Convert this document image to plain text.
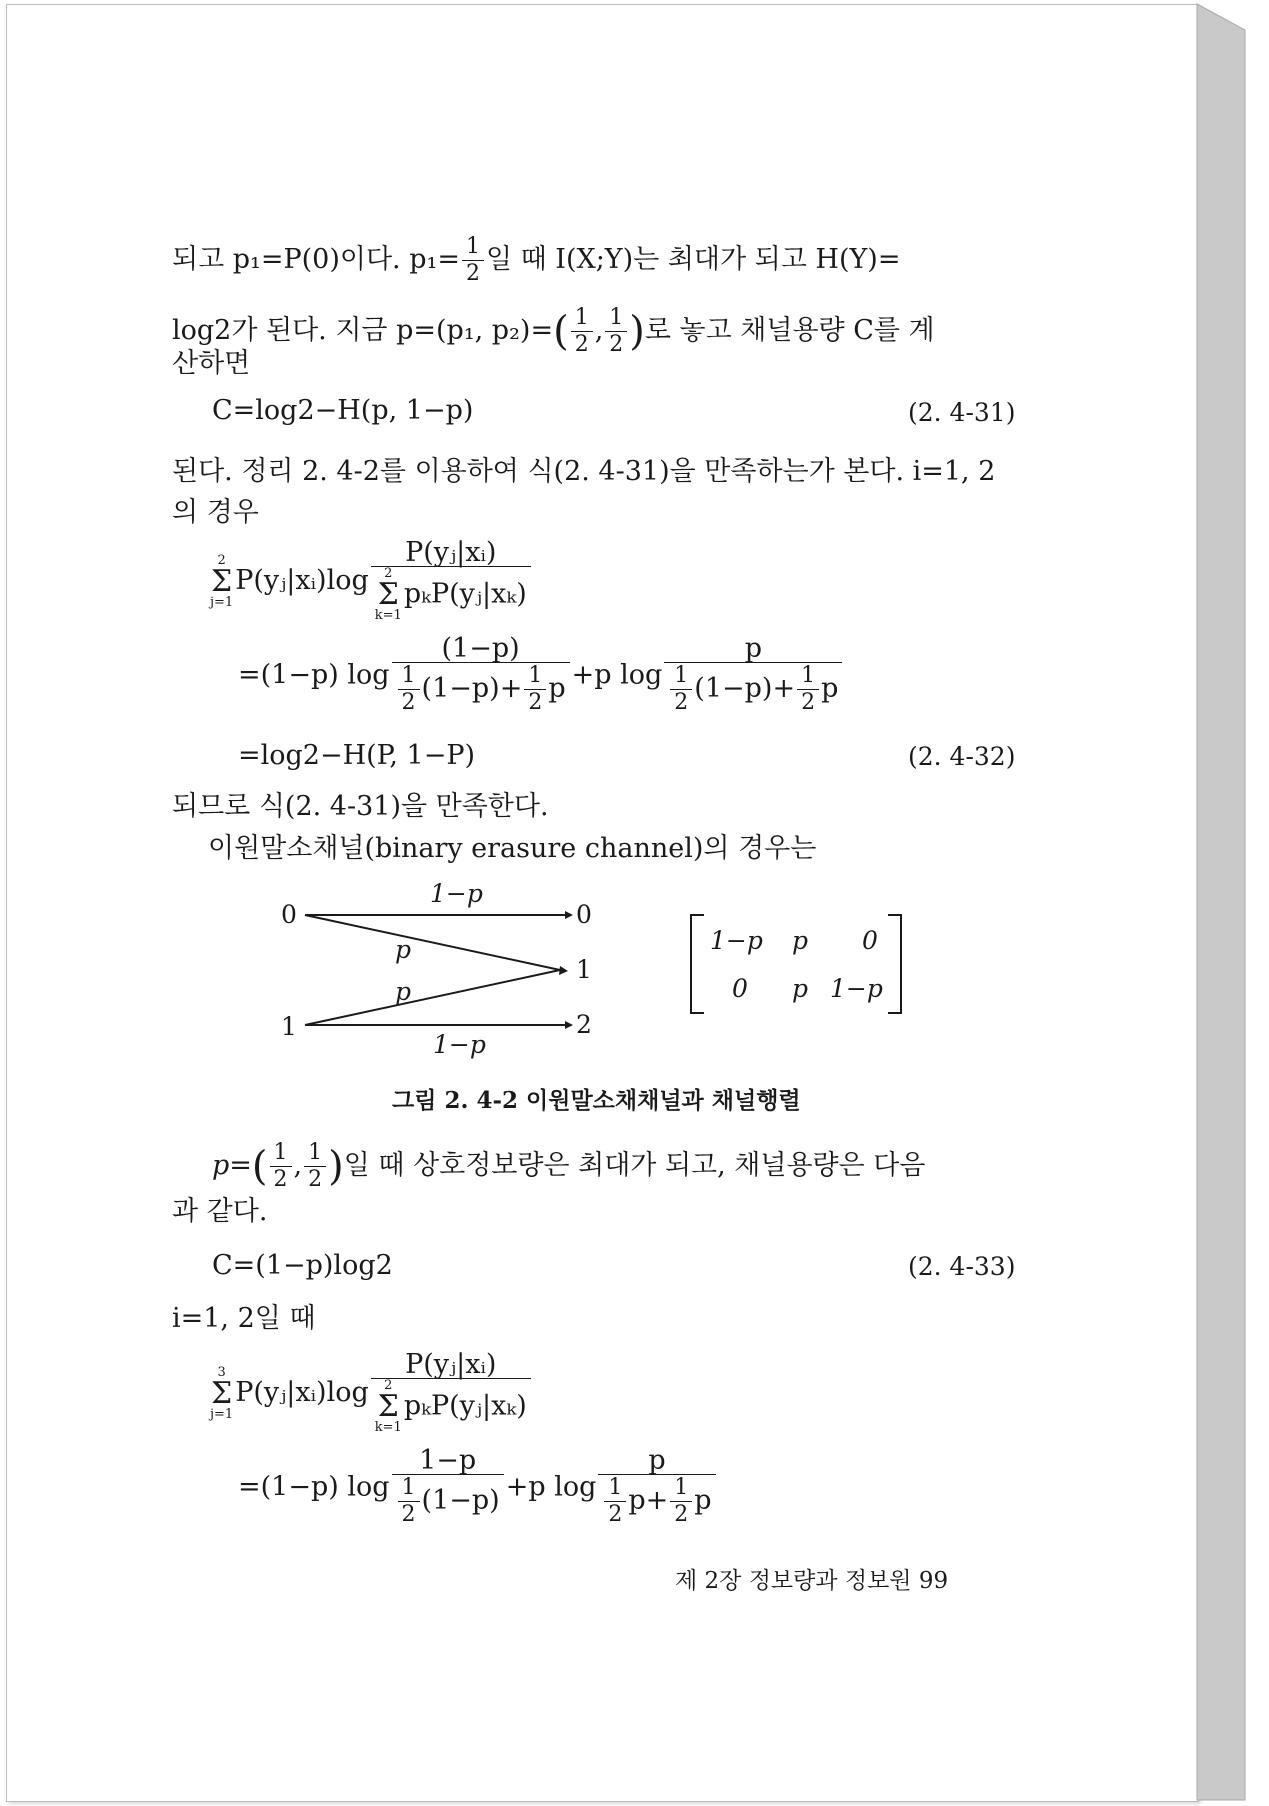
되고 p₁=P(0)이다. $p_1= \frac{1}{2}$ 일 때 I(X;Y)는 최대가 되고 H(Y)=
log2가 된다. 지금 p=(p₁, $p_2)=( \frac{1}{2}$ , $\frac{1}{2}$ )로 놓고 채널용량 C를 계
산하면
C=log2−H(p, 1−p)	(2. 4-31)
된다. 정리 2. 4-2를 이용하여 식(2. 4-31)을 만족하는가 본다. i=1, 2
의 경우
2
Σ
j=1
P(yⱼ|xᵢ)log P(yⱼ|xᵢ)
2
Σ
k=1
pₖP(yⱼ|xₖ)
=(1−p) $\log \frac{(1-p)}{\frac{1}{2} (1-p)+ \frac{1}{2} p} +p$ $\log \frac{p}{\frac{1}{2} (1-p)+ \frac{1}{2} p}$
=log2−H(P, 1−P)	(2. 4-32)
되므로 식(2. 4-31)을 만족한다.
이원말소채널(binary erasure channel)의 경우는
0
1
0
1
2
1−p
1−p
p
p
1−p p 0
0 p 1−p
그림 2. 4-2 이원말소채채널과 채널행렬
$p=( \frac{1}{2}$ , $\frac{1}{2}$ )일 때 상호정보량은 최대가 되고, 채널용량은 다음
과 같다.
C=(1−p)log2	(2. 4-33)
i=1, 2일 때
3
Σ
j=1
P(yⱼ|xᵢ)log P(yⱼ|xᵢ)
2
Σ
k=1
pₖP(yⱼ|xₖ)
=(1−p) $\log \frac{1-p}{\frac{1}{2} (1-p)} +p$ $\log \frac{p}{\frac{1}{2} p+ \frac{1}{2} p}$
제 2장 정보량과 정보원 99
